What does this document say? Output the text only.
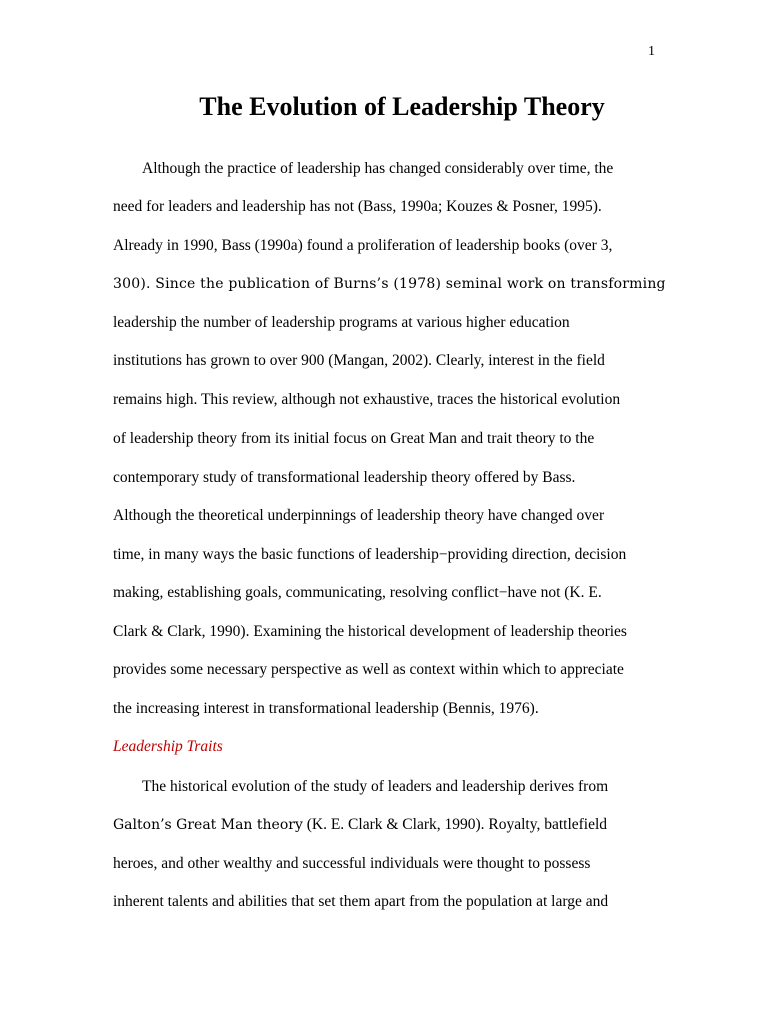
1
The Evolution of Leadership Theory

Although the practice of leadership has changed considerably over time, the

need for leaders and leadership has not (Bass, 1990a; Kouzes & Posner, 1995).

Already in 1990, Bass (1990a) found a proliferation of leadership books (over 3,

300). Since the publication of Burns’s (1978) seminal work on transforming

leadership the number of leadership programs at various higher education

institutions has grown to over 900 (Mangan, 2002). Clearly, interest in the field

remains high. This review, although not exhaustive, traces the historical evolution

of leadership theory from its initial focus on Great Man and trait theory to the

contemporary study of transformational leadership theory offered by Bass.

Although the theoretical underpinnings of leadership theory have changed over

time, in many ways the basic functions of leadership−providing direction, decision

making, establishing goals, communicating, resolving conflict−have not (K. E.

Clark & Clark, 1990). Examining the historical development of leadership theories

provides some necessary perspective as well as context within which to appreciate

the increasing interest in transformational leadership (Bennis, 1976).

Leadership Traits

The historical evolution of the study of leaders and leadership derives from

Galton’s Great Man theory (K. E. Clark & Clark, 1990). Royalty, battlefield

heroes, and other wealthy and successful individuals were thought to possess

inherent talents and abilities that set them apart from the population at large and
